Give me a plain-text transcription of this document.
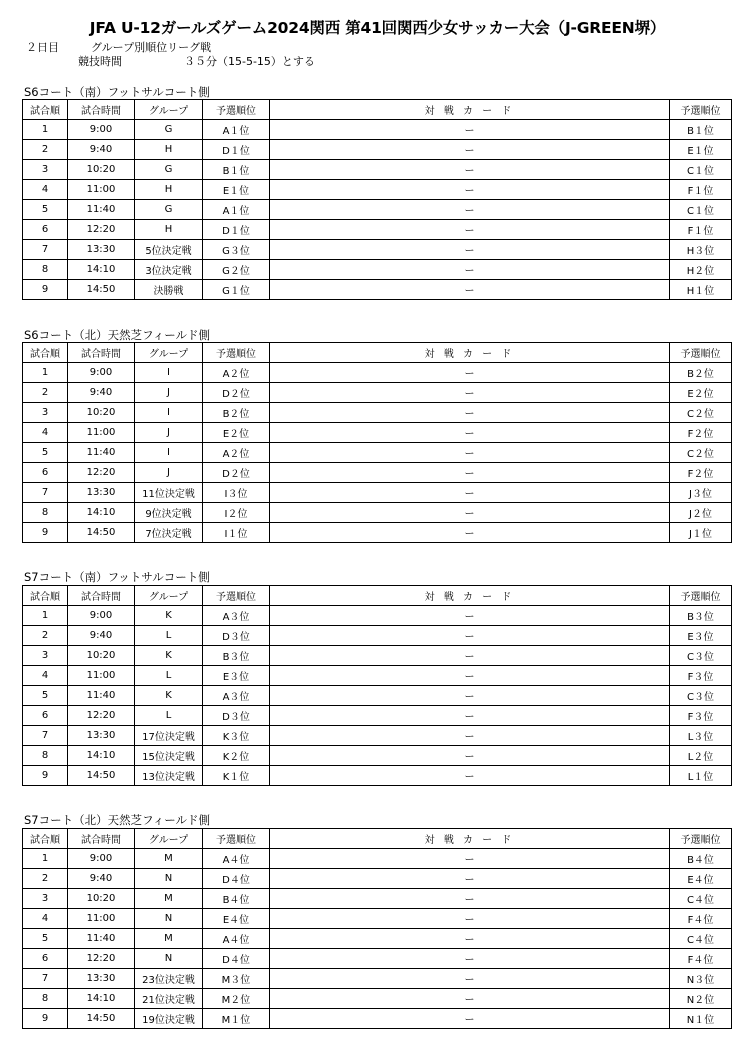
JFA U-12ガールズゲーム2024関西 第41回関西少女サッカー大会（J-GREEN堺）
２日目	グループ別順位リーグ戦
競技時間	３５分（15-5-15）とする
S6コート（南）フットサルコート側
試合順	試合時間	グループ	予選順位	対 戦 カ ー ド	予選順位
1	9:00	G	A１位	ー	B１位
2	9:40	H	D１位	ー	E１位
3	10:20	G	B１位	ー	C１位
4	11:00	H	E１位	ー	F１位
5	11:40	G	A１位	ー	C１位
6	12:20	H	D１位	ー	F１位
7	13:30	5位決定戦	G３位	ー	H３位
8	14:10	3位決定戦	G２位	ー	H２位
9	14:50	決勝戦	G１位	ー	H１位
S6コート（北）天然芝フィールド側
試合順	試合時間	グループ	予選順位	対 戦 カ ー ド	予選順位
1	9:00	I	A２位	ー	B２位
2	9:40	J	D２位	ー	E２位
3	10:20	I	B２位	ー	C２位
4	11:00	J	E２位	ー	F２位
5	11:40	I	A２位	ー	C２位
6	12:20	J	D２位	ー	F２位
7	13:30	11位決定戦	I３位	ー	J３位
8	14:10	9位決定戦	I２位	ー	J２位
9	14:50	7位決定戦	I１位	ー	J１位
S7コート（南）フットサルコート側
試合順	試合時間	グループ	予選順位	対 戦 カ ー ド	予選順位
1	9:00	K	A３位	ー	B３位
2	9:40	L	D３位	ー	E３位
3	10:20	K	B３位	ー	C３位
4	11:00	L	E３位	ー	F３位
5	11:40	K	A３位	ー	C３位
6	12:20	L	D３位	ー	F３位
7	13:30	17位決定戦	K３位	ー	L３位
8	14:10	15位決定戦	K２位	ー	L２位
9	14:50	13位決定戦	K１位	ー	L１位
S7コート（北）天然芝フィールド側
試合順	試合時間	グループ	予選順位	対 戦 カ ー ド	予選順位
1	9:00	M	A４位	ー	B４位
2	9:40	N	D４位	ー	E４位
3	10:20	M	B４位	ー	C４位
4	11:00	N	E４位	ー	F４位
5	11:40	M	A４位	ー	C４位
6	12:20	N	D４位	ー	F４位
7	13:30	23位決定戦	M３位	ー	N３位
8	14:10	21位決定戦	M２位	ー	N２位
9	14:50	19位決定戦	M１位	ー	N１位
